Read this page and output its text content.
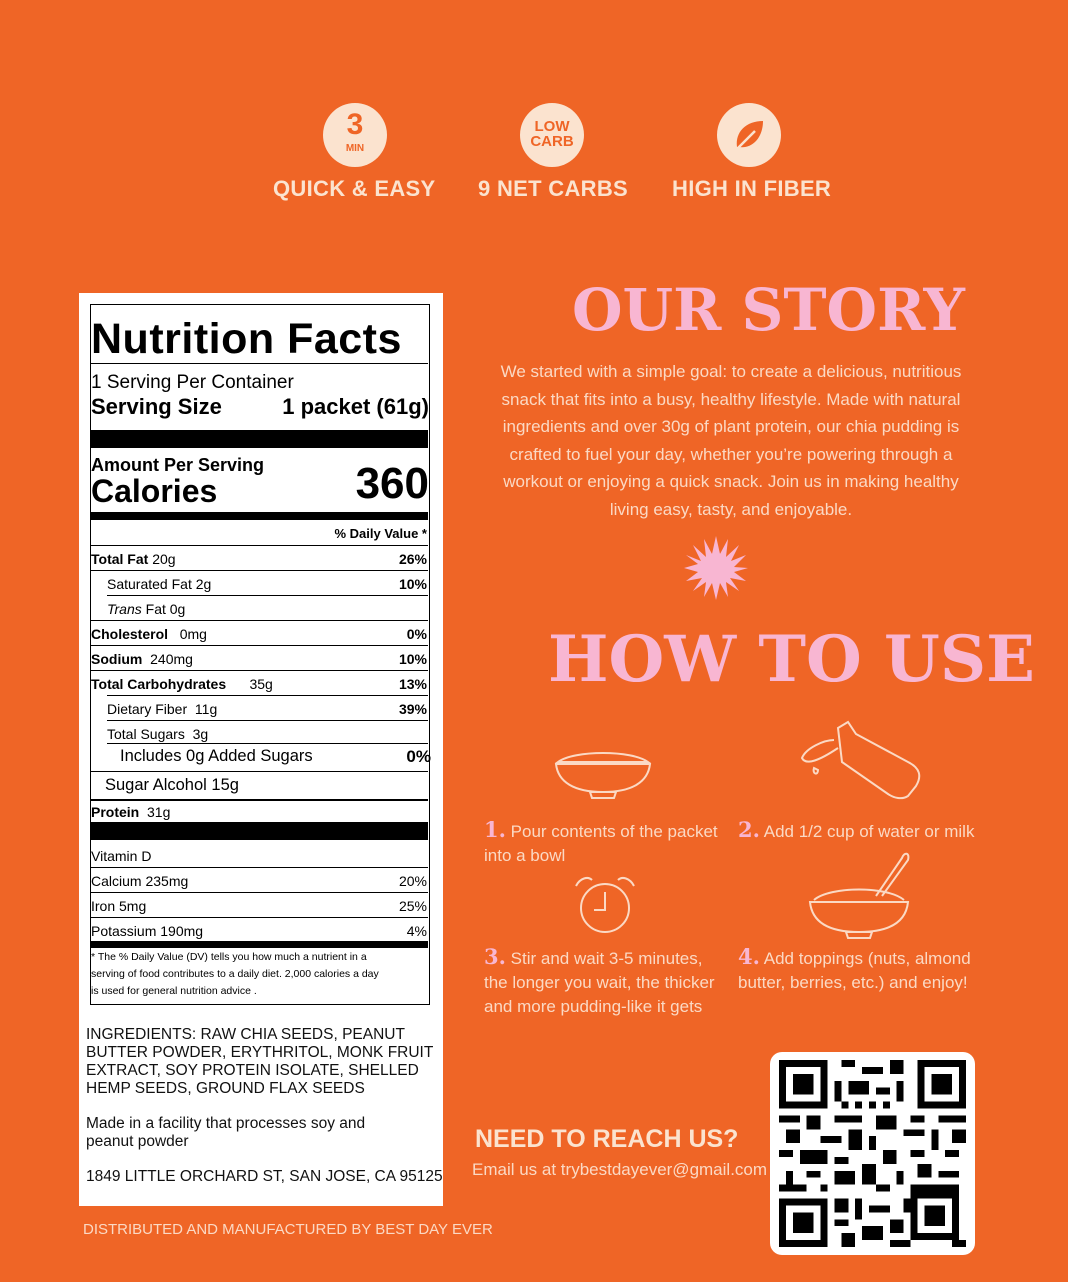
3
MIN
QUICK & EASY
LOW
CARB
9 NET CARBS HIGH IN FIBER
Nutrition Facts
1 Serving Per Container
Serving Size	1 packet (61g)
Amount Per Serving
Calories	360
% Daily Value *
Total Fat 20g	26%
Saturated Fat 2g	10%
Trans Fat 0g
Cholesterol 0mg	0%
Sodium 240mg	10%
Total Carbohydrates 35g	13%
Dietary Fiber 11g	39%
Total Sugars 3g
Includes 0g Added Sugars	0%
Sugar Alcohol 15g
Protein 31g
Vitamin D
Calcium 235mg	20%
Iron 5mg	25%
Potassium 190mg	4%
* The % Daily Value (DV) tells you how much a nutrient in a
serving of food contributes to a daily diet. 2,000 calories a day
is used for general nutrition advice .
INGREDIENTS: RAW CHIA SEEDS, PEANUT
BUTTER POWDER, ERYTHRITOL, MONK FRUIT
EXTRACT, SOY PROTEIN ISOLATE, SHELLED
HEMP SEEDS, GROUND FLAX SEEDS
Made in a facility that processes soy and
peanut powder
1849 LITTLE ORCHARD ST, SAN JOSE, CA 95125
DISTRIBUTED AND MANUFACTURED BY BEST DAY EVER
OUR STORY
We started with a simple goal: to create a delicious, nutritious snack that fits into a busy, healthy lifestyle. Made with natural ingredients and over 30g of plant protein, our chia pudding is crafted to fuel your day, whether you’re powering through a workout or enjoying a quick snack. Join us in making healthy living easy, tasty, and enjoyable.
HOW TO USE
1. Pour contents of the packet into a bowl
2. Add 1/2 cup of water or milk
3. Stir and wait 3-5 minutes, the longer you wait, the thicker and more pudding-like it gets
4. Add toppings (nuts, almond butter, berries, etc.) and enjoy!
NEED TO REACH US?
Email us at trybestdayever@gmail.com
